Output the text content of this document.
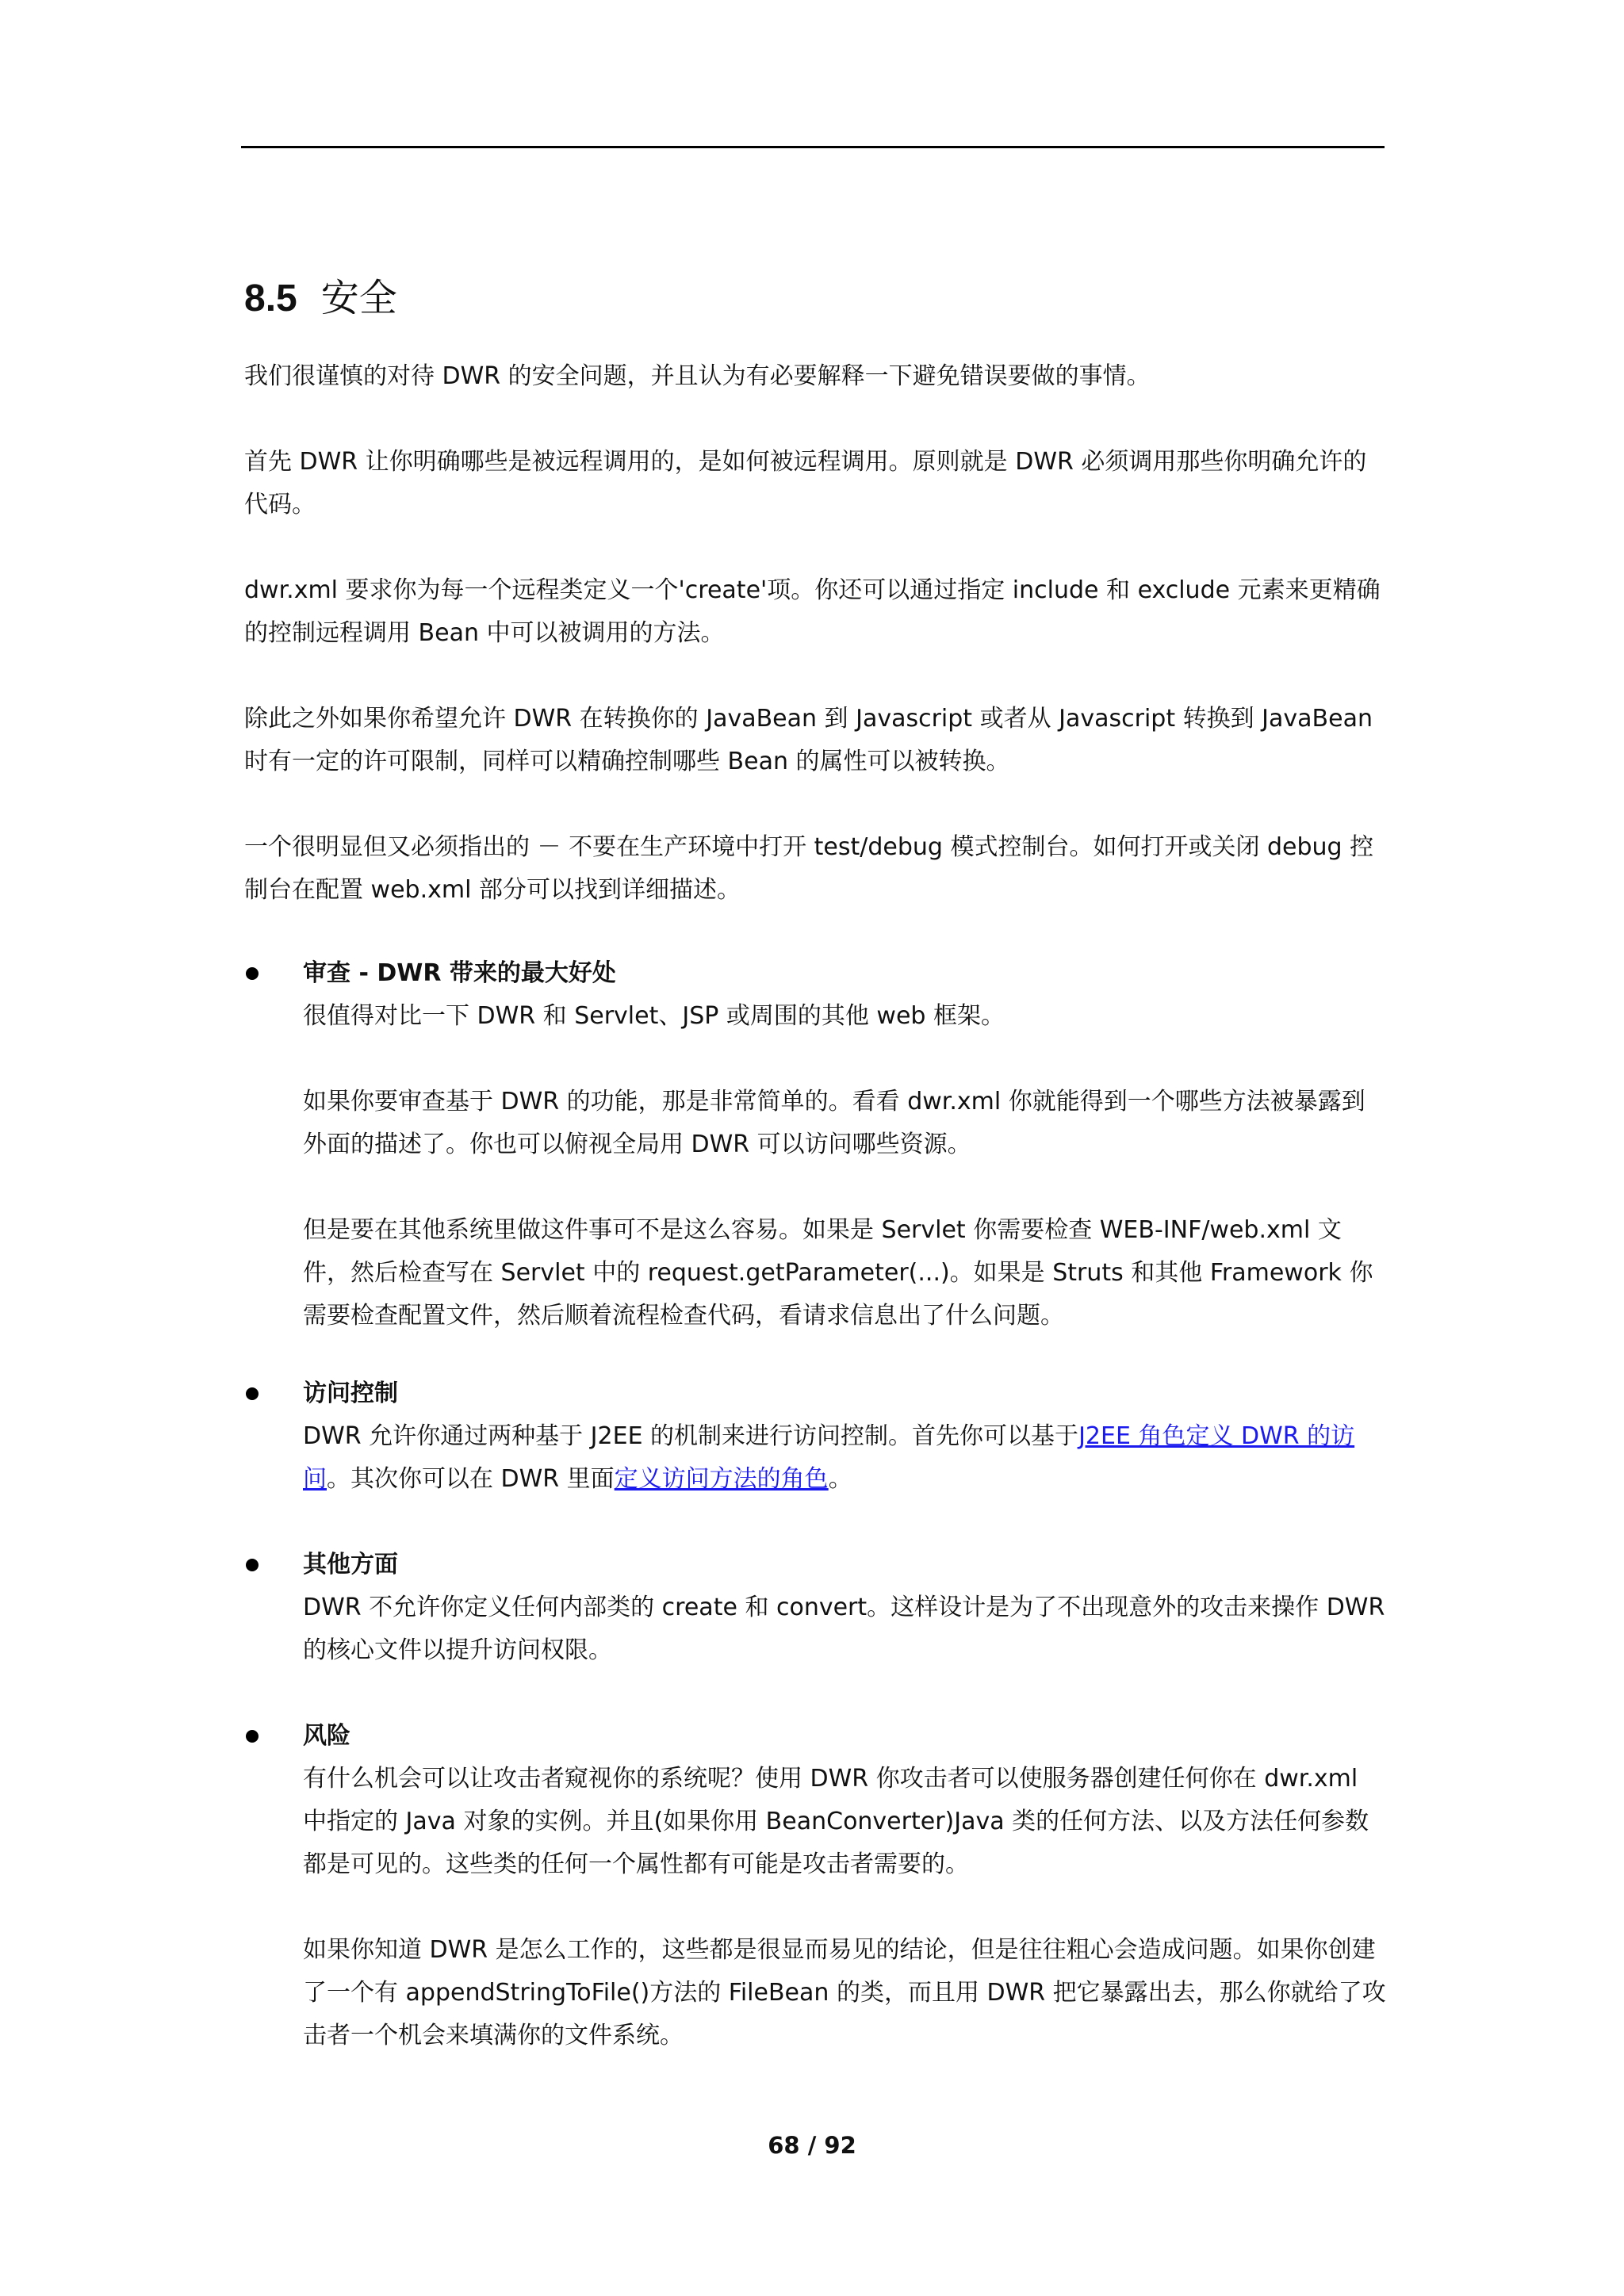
8.5 安全

我们很谨慎的对待 DWR 的安全问题，并且认为有必要解释一下避免错误要做的事情。

首先 DWR 让你明确哪些是被远程调用的，是如何被远程调用。原则就是 DWR 必须调用那些你明确允许的代码。

dwr.xml 要求你为每一个远程类定义一个'create'项。你还可以通过指定 include 和 exclude 元素来更精确的控制远程调用 Bean 中可以被调用的方法。

除此之外如果你希望允许 DWR 在转换你的 JavaBean 到 Javascript 或者从 Javascript 转换到 JavaBean 时有一定的许可限制，同样可以精确控制哪些 Bean 的属性可以被转换。

一个很明显但又必须指出的 － 不要在生产环境中打开 test/debug 模式控制台。如何打开或关闭 debug 控制台在配置 web.xml 部分可以找到详细描述。

审查 - DWR 带来的最大好处

很值得对比一下 DWR 和 Servlet、JSP 或周围的其他 web 框架。

如果你要审查基于 DWR 的功能，那是非常简单的。看看 dwr.xml 你就能得到一个哪些方法被暴露到外面的描述了。你也可以俯视全局用 DWR 可以访问哪些资源。

但是要在其他系统里做这件事可不是这么容易。如果是 Servlet 你需要检查 WEB-INF/web.xml 文件，然后检查写在 Servlet 中的 request.getParameter(...)。如果是 Struts 和其他 Framework 你需要检查配置文件，然后顺着流程检查代码，看请求信息出了什么问题。

访问控制

DWR 允许你通过两种基于 J2EE 的机制来进行访问控制。首先你可以基于J2EE 角色定义 DWR 的访问。其次你可以在 DWR 里面定义访问方法的角色。

其他方面

DWR 不允许你定义任何内部类的 create 和 convert。这样设计是为了不出现意外的攻击来操作 DWR 的核心文件以提升访问权限。

风险

有什么机会可以让攻击者窥视你的系统呢？使用 DWR 你攻击者可以使服务器创建任何你在 dwr.xml 中指定的 Java 对象的实例。并且(如果你用 BeanConverter)Java 类的任何方法、以及方法任何参数都是可见的。这些类的任何一个属性都有可能是攻击者需要的。

如果你知道 DWR 是怎么工作的，这些都是很显而易见的结论，但是往往粗心会造成问题。如果你创建了一个有 appendStringToFile()方法的 FileBean 的类，而且用 DWR 把它暴露出去，那么你就给了攻击者一个机会来填满你的文件系统。

68 / 92
